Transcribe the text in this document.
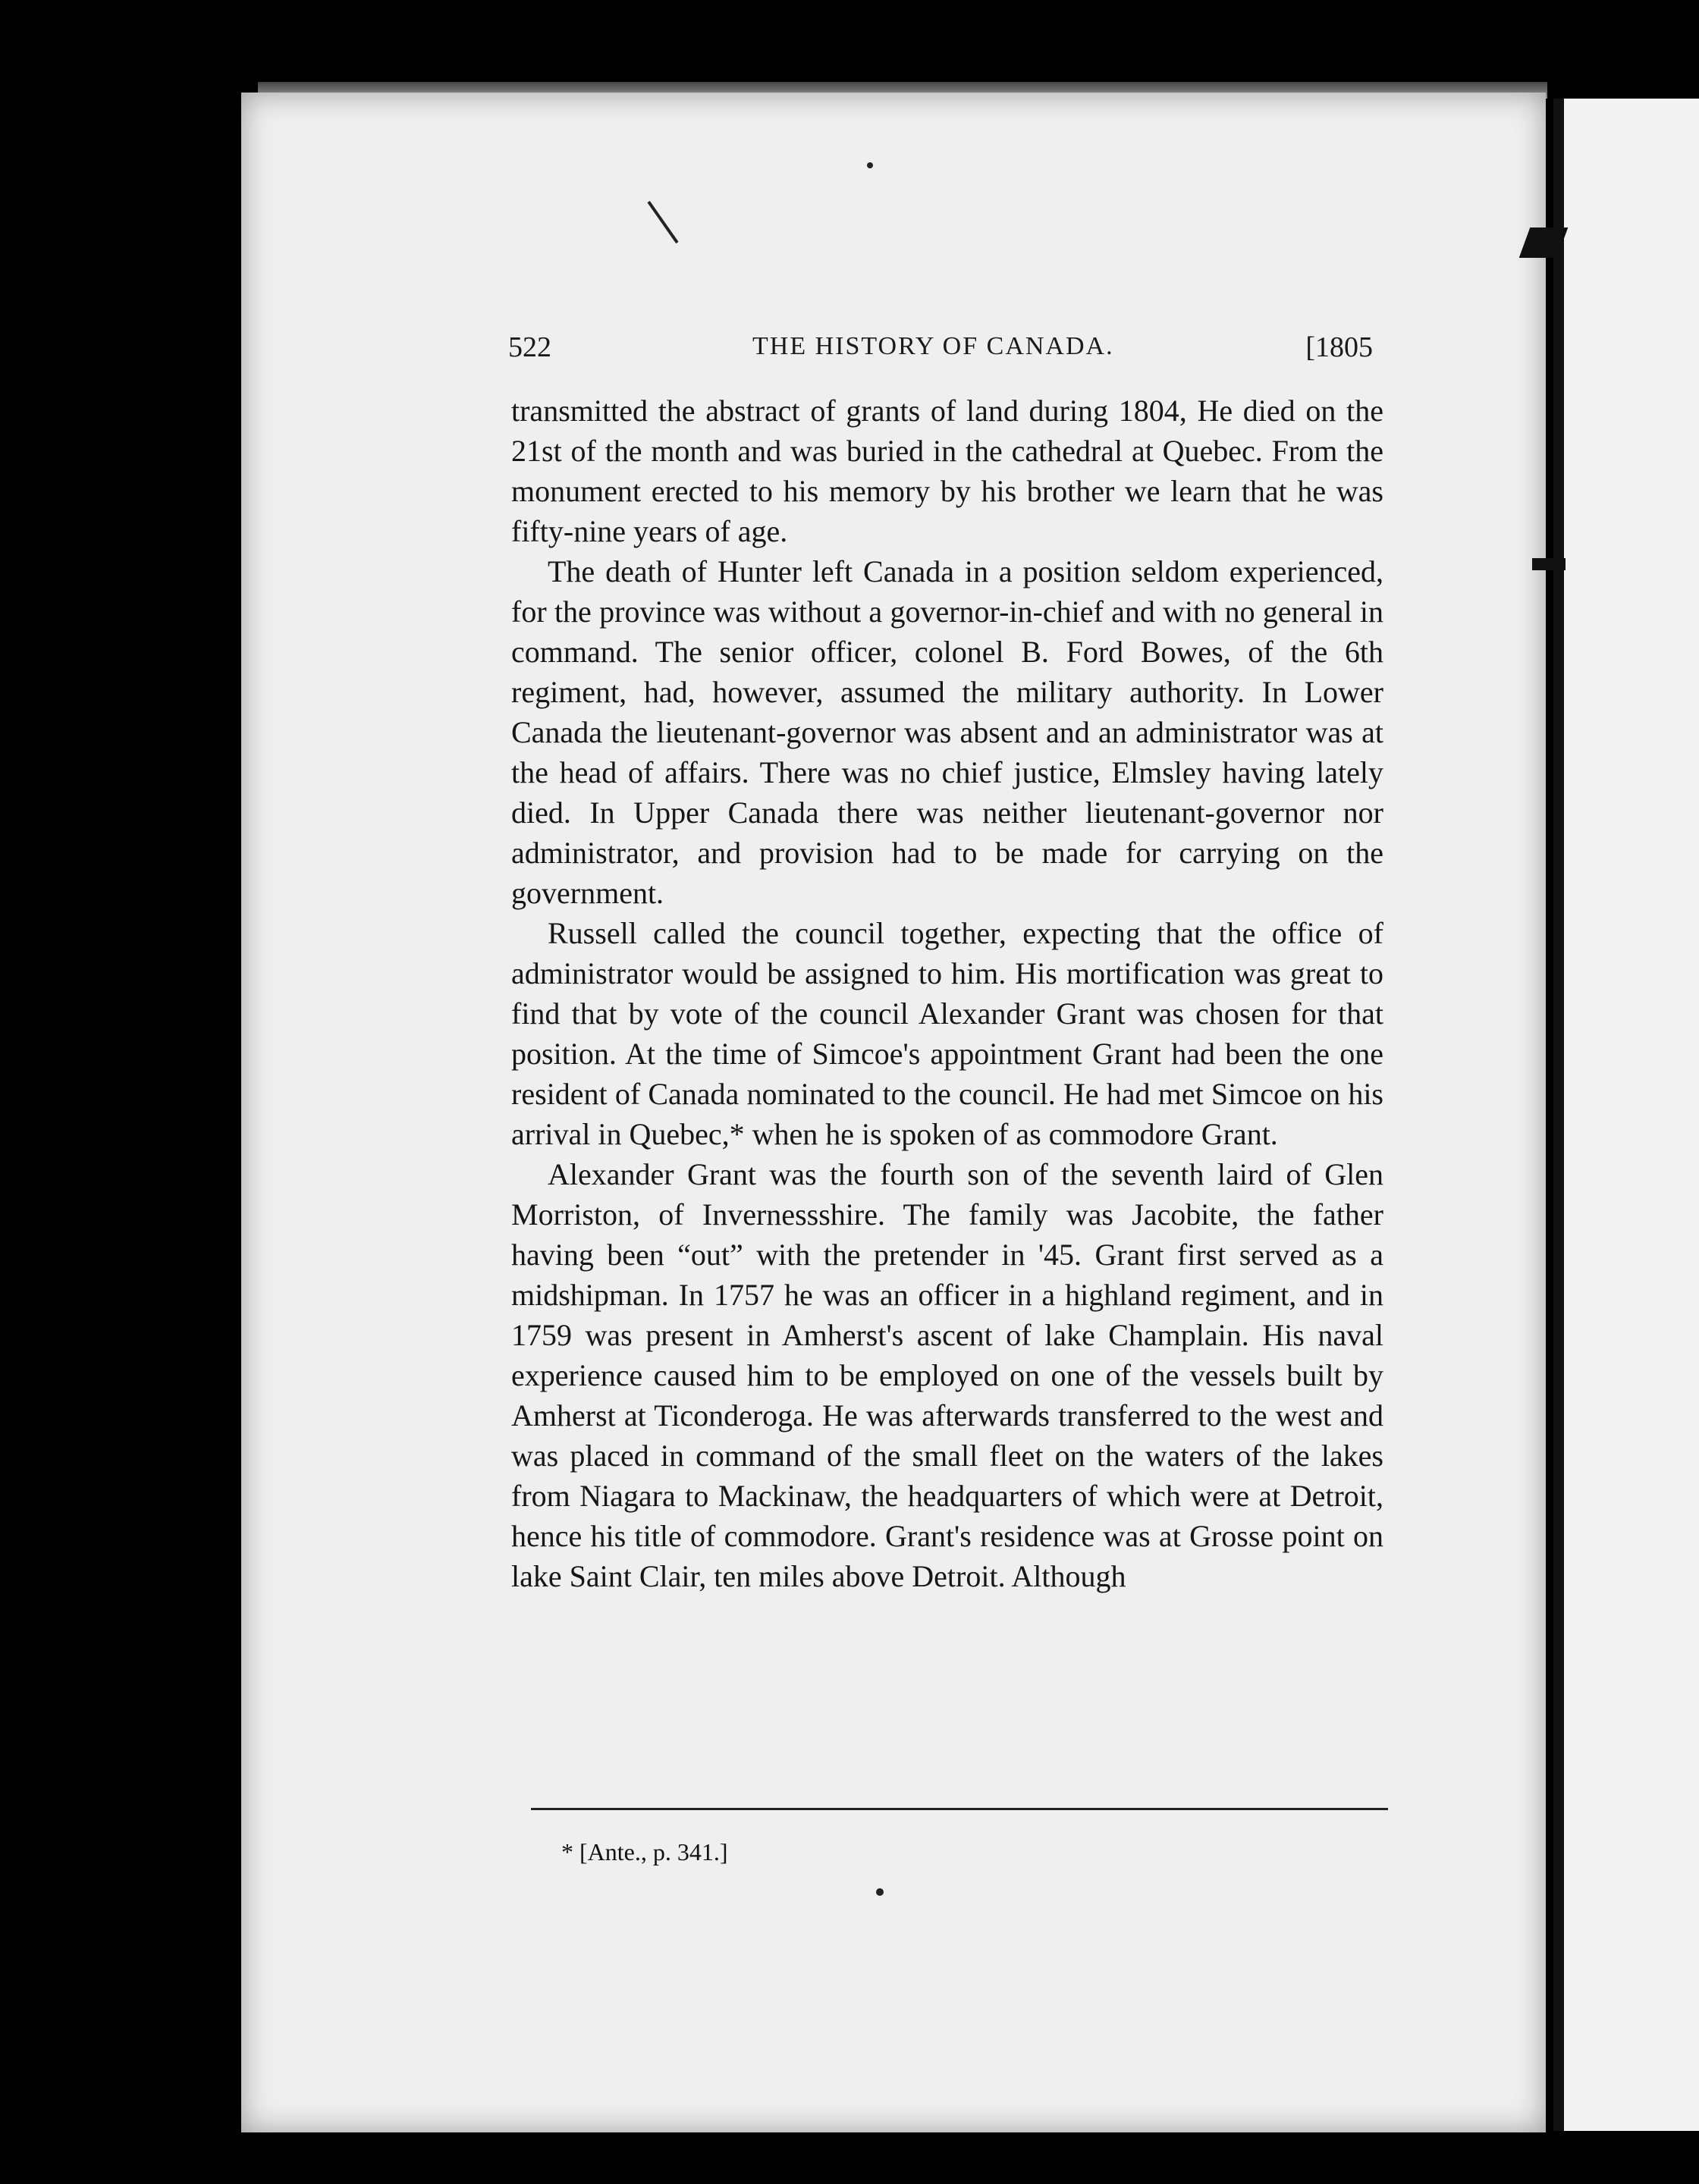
522	THE HISTORY OF CANADA.	[1805

transmitted the abstract of grants of land during 1804, He died on the 21st of the month and was buried in the cathedral at Quebec. From the monument erected to his memory by his brother we learn that he was fifty-nine years of age.

The death of Hunter left Canada in a position seldom experienced, for the province was without a governor-in-chief and with no general in command. The senior officer, colonel B. Ford Bowes, of the 6th regiment, had, however, assumed the military authority. In Lower Canada the lieutenant-governor was absent and an administrator was at the head of affairs. There was no chief justice, Elmsley having lately died. In Upper Canada there was neither lieutenant-governor nor administrator, and provision had to be made for carrying on the government.

Russell called the council together, expecting that the office of administrator would be assigned to him. His mortification was great to find that by vote of the council Alexander Grant was chosen for that position. At the time of Simcoe's appointment Grant had been the one resident of Canada nominated to the council. He had met Simcoe on his arrival in Quebec,* when he is spoken of as commodore Grant.

Alexander Grant was the fourth son of the seventh laird of Glen Morriston, of Invernessshire. The family was Jacobite, the father having been “out” with the pretender in '45. Grant first served as a midshipman. In 1757 he was an officer in a highland regiment, and in 1759 was present in Amherst's ascent of lake Champlain. His naval experience caused him to be employed on one of the vessels built by Amherst at Ticonderoga. He was afterwards transferred to the west and was placed in command of the small fleet on the waters of the lakes from Niagara to Mackinaw, the headquarters of which were at Detroit, hence his title of commodore. Grant's residence was at Grosse point on lake Saint Clair, ten miles above Detroit. Although

* [Ante., p. 341.]
